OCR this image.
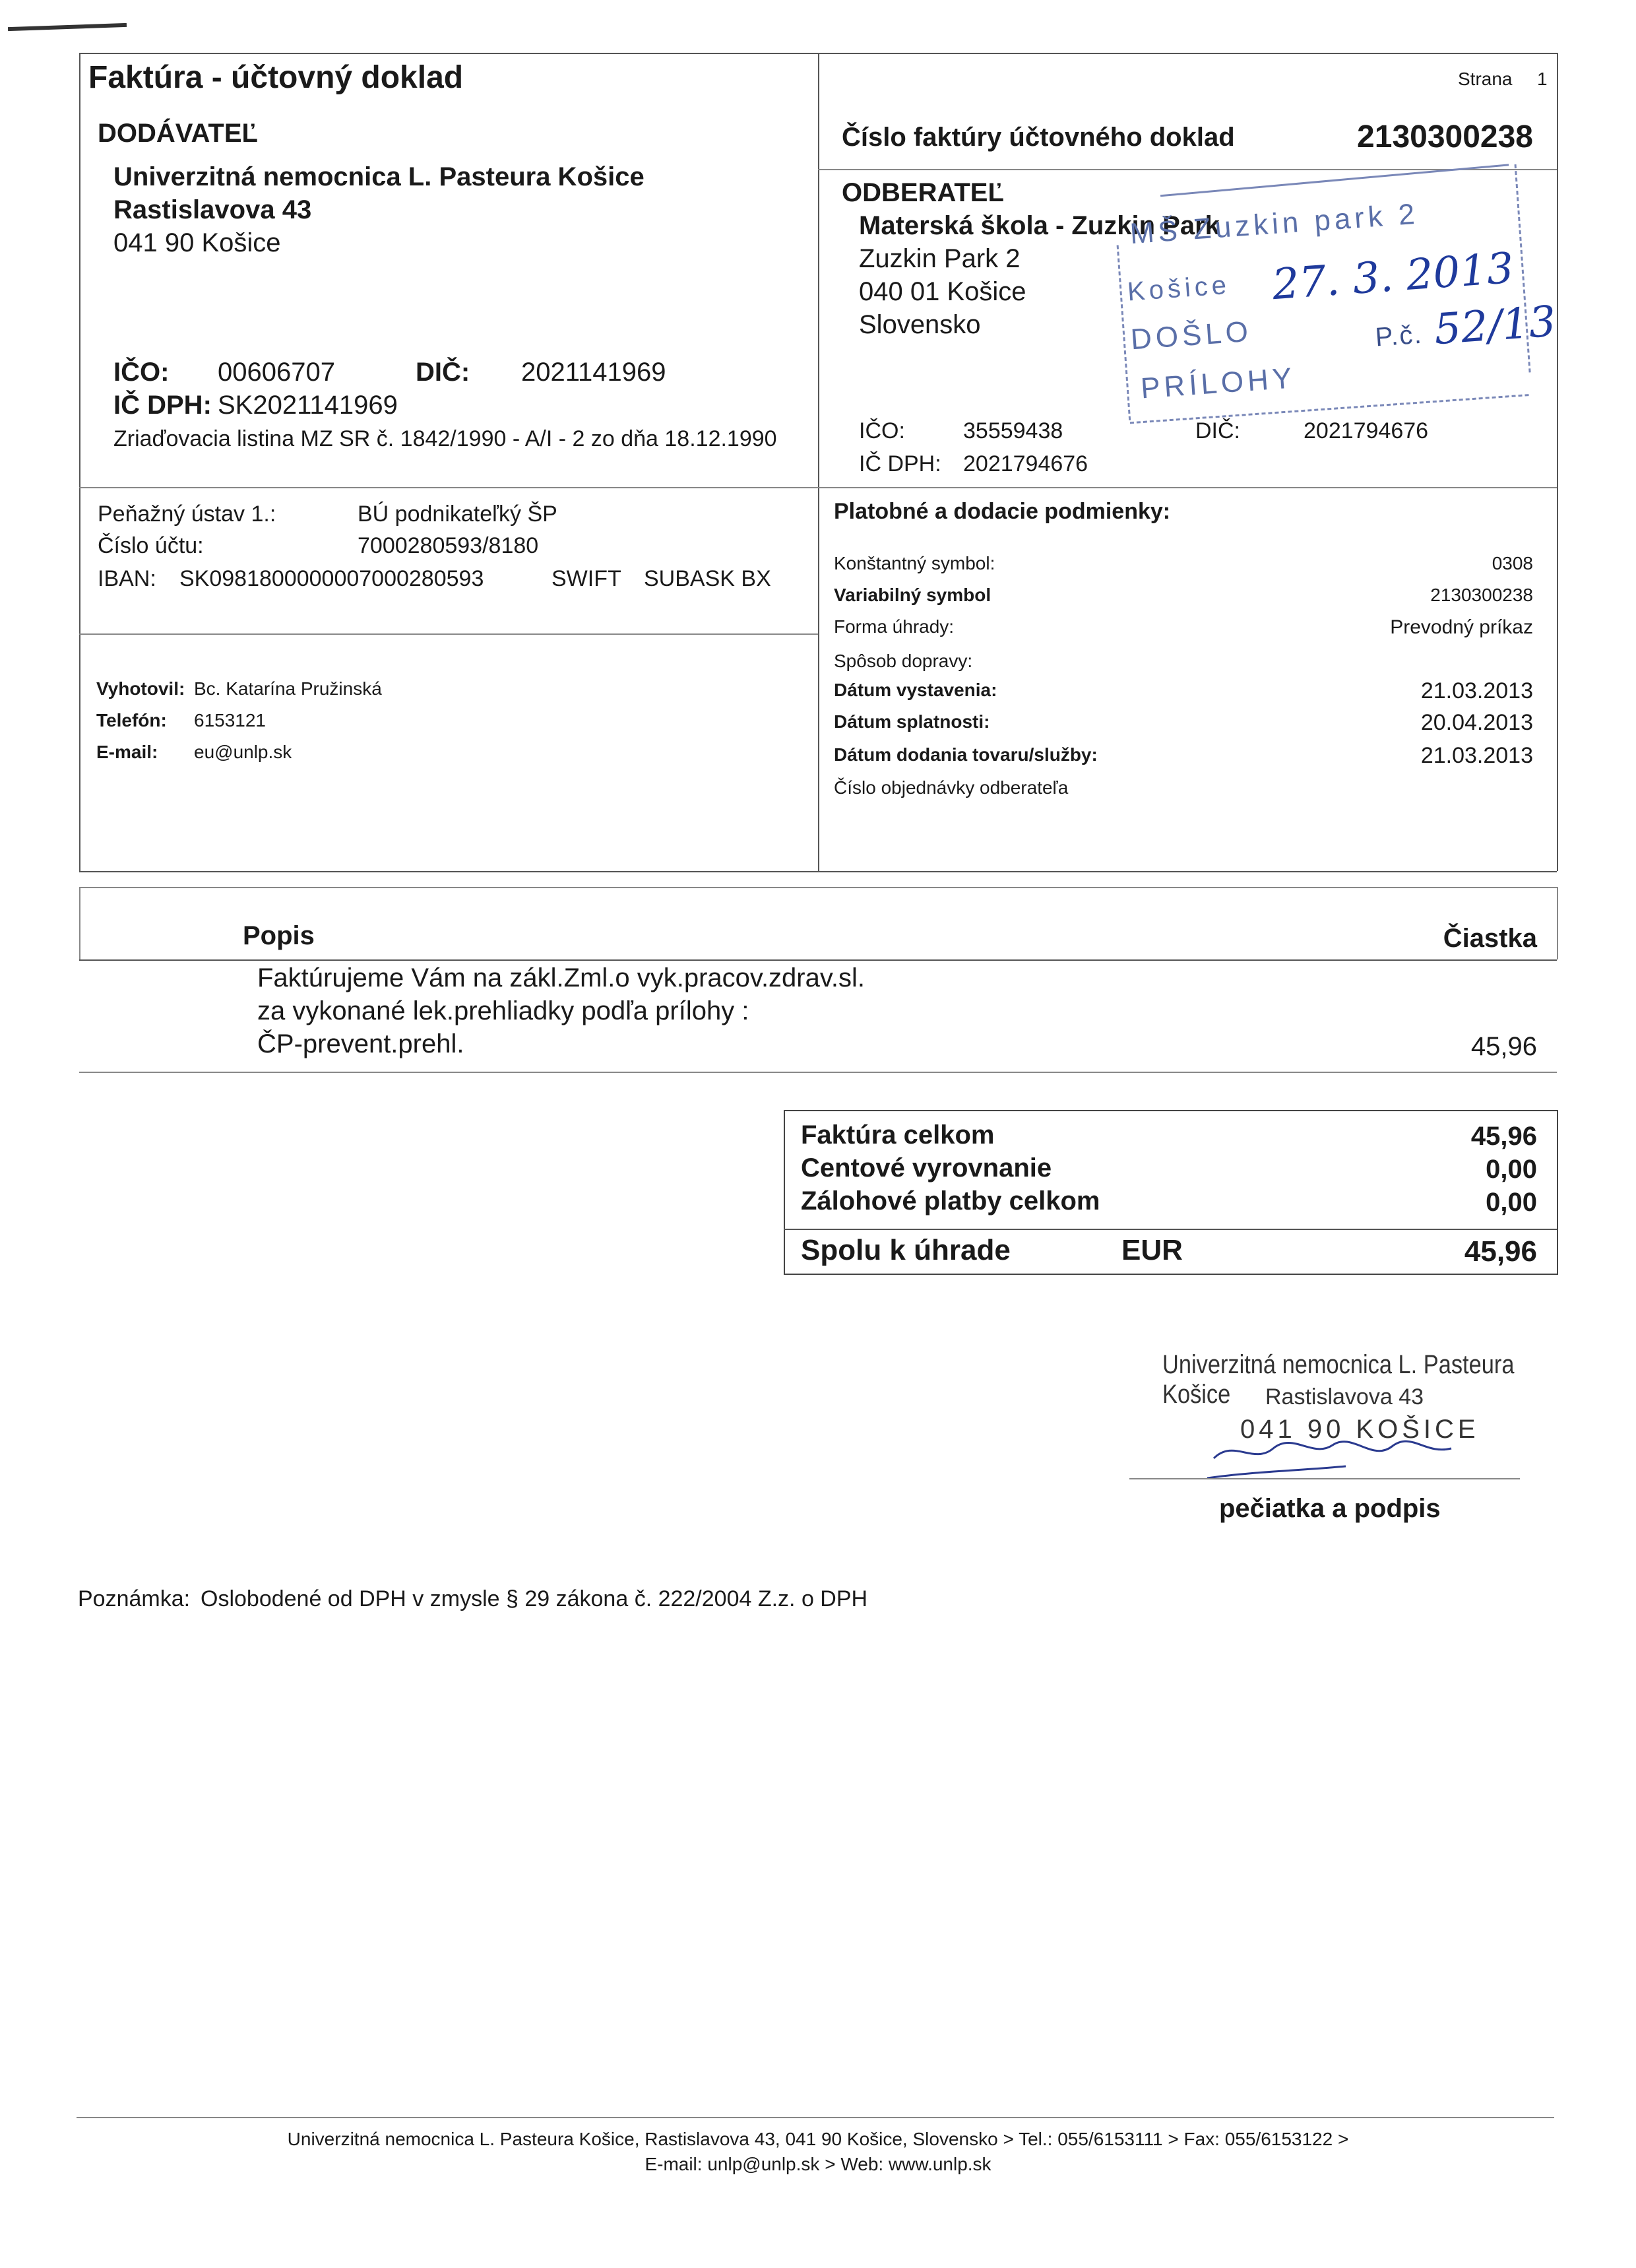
Faktúra - účtovný doklad	Strana 1
DODÁVATEĽ
Univerzitná nemocnica L. Pasteura Košice
Rastislavova 43
041 90 Košice
IČO: 00606707	DIČ: 2021141969
IČ DPH: SK2021141969
Zriaďovacia listina MZ SR č. 1842/1990 - A/I - 2 zo dňa 18.12.1990
Číslo faktúry účtovného doklad	2130300238
ODBERATEĽ
Materská škola - Zuzkin Park
Zuzkin Park 2
040 01 Košice
Slovensko
IČO:	35559438	DIČ:	2021794676
IČ DPH: 2021794676
MŠ Zuzkin park 2
Košice
DOŠLO
PRÍLOHY
P.č.
27. 3. 2013
52/13
Peňažný ústav 1.:	BÚ podnikateľký ŠP
Číslo účtu:	7000280593/8180
IBAN: SK0981800000007000280593	SWIFT SUBASK BX
Vyhotovil: Bc. Katarína Pružinská
Telefón: 6153121
E-mail: eu@unlp.sk
Platobné a dodacie podmienky:
Konštantný symbol:	0308
Variabilný symbol	2130300238
Forma úhrady:	Prevodný príkaz
Spôsob dopravy:
Dátum vystavenia:	21.03.2013
Dátum splatnosti:	20.04.2013
Dátum dodania tovaru/služby:	21.03.2013
Číslo objednávky odberateľa
Popis	Čiastka
Faktúrujeme Vám na zákl.Zml.o vyk.pracov.zdrav.sl.
za vykonané lek.prehliadky podľa prílohy :
ČP-prevent.prehl.	45,96
Faktúra celkom	45,96
Centové vyrovnanie	0,00
Zálohové platby celkom	0,00
Spolu k úhrade	EUR	45,96
Univerzitná nemocnica L. Pasteura Košice	Rastislavova 43
041 90 KOŠICE
pečiatka a podpis
Poznámka: Oslobodené od DPH v zmysle § 29 zákona č. 222/2004 Z.z. o DPH
Univerzitná nemocnica L. Pasteura Košice, Rastislavova 43, 041 90 Košice, Slovensko > Tel.: 055/6153111 > Fax: 055/6153122 >
E-mail: unlp@unlp.sk > Web: www.unlp.sk
